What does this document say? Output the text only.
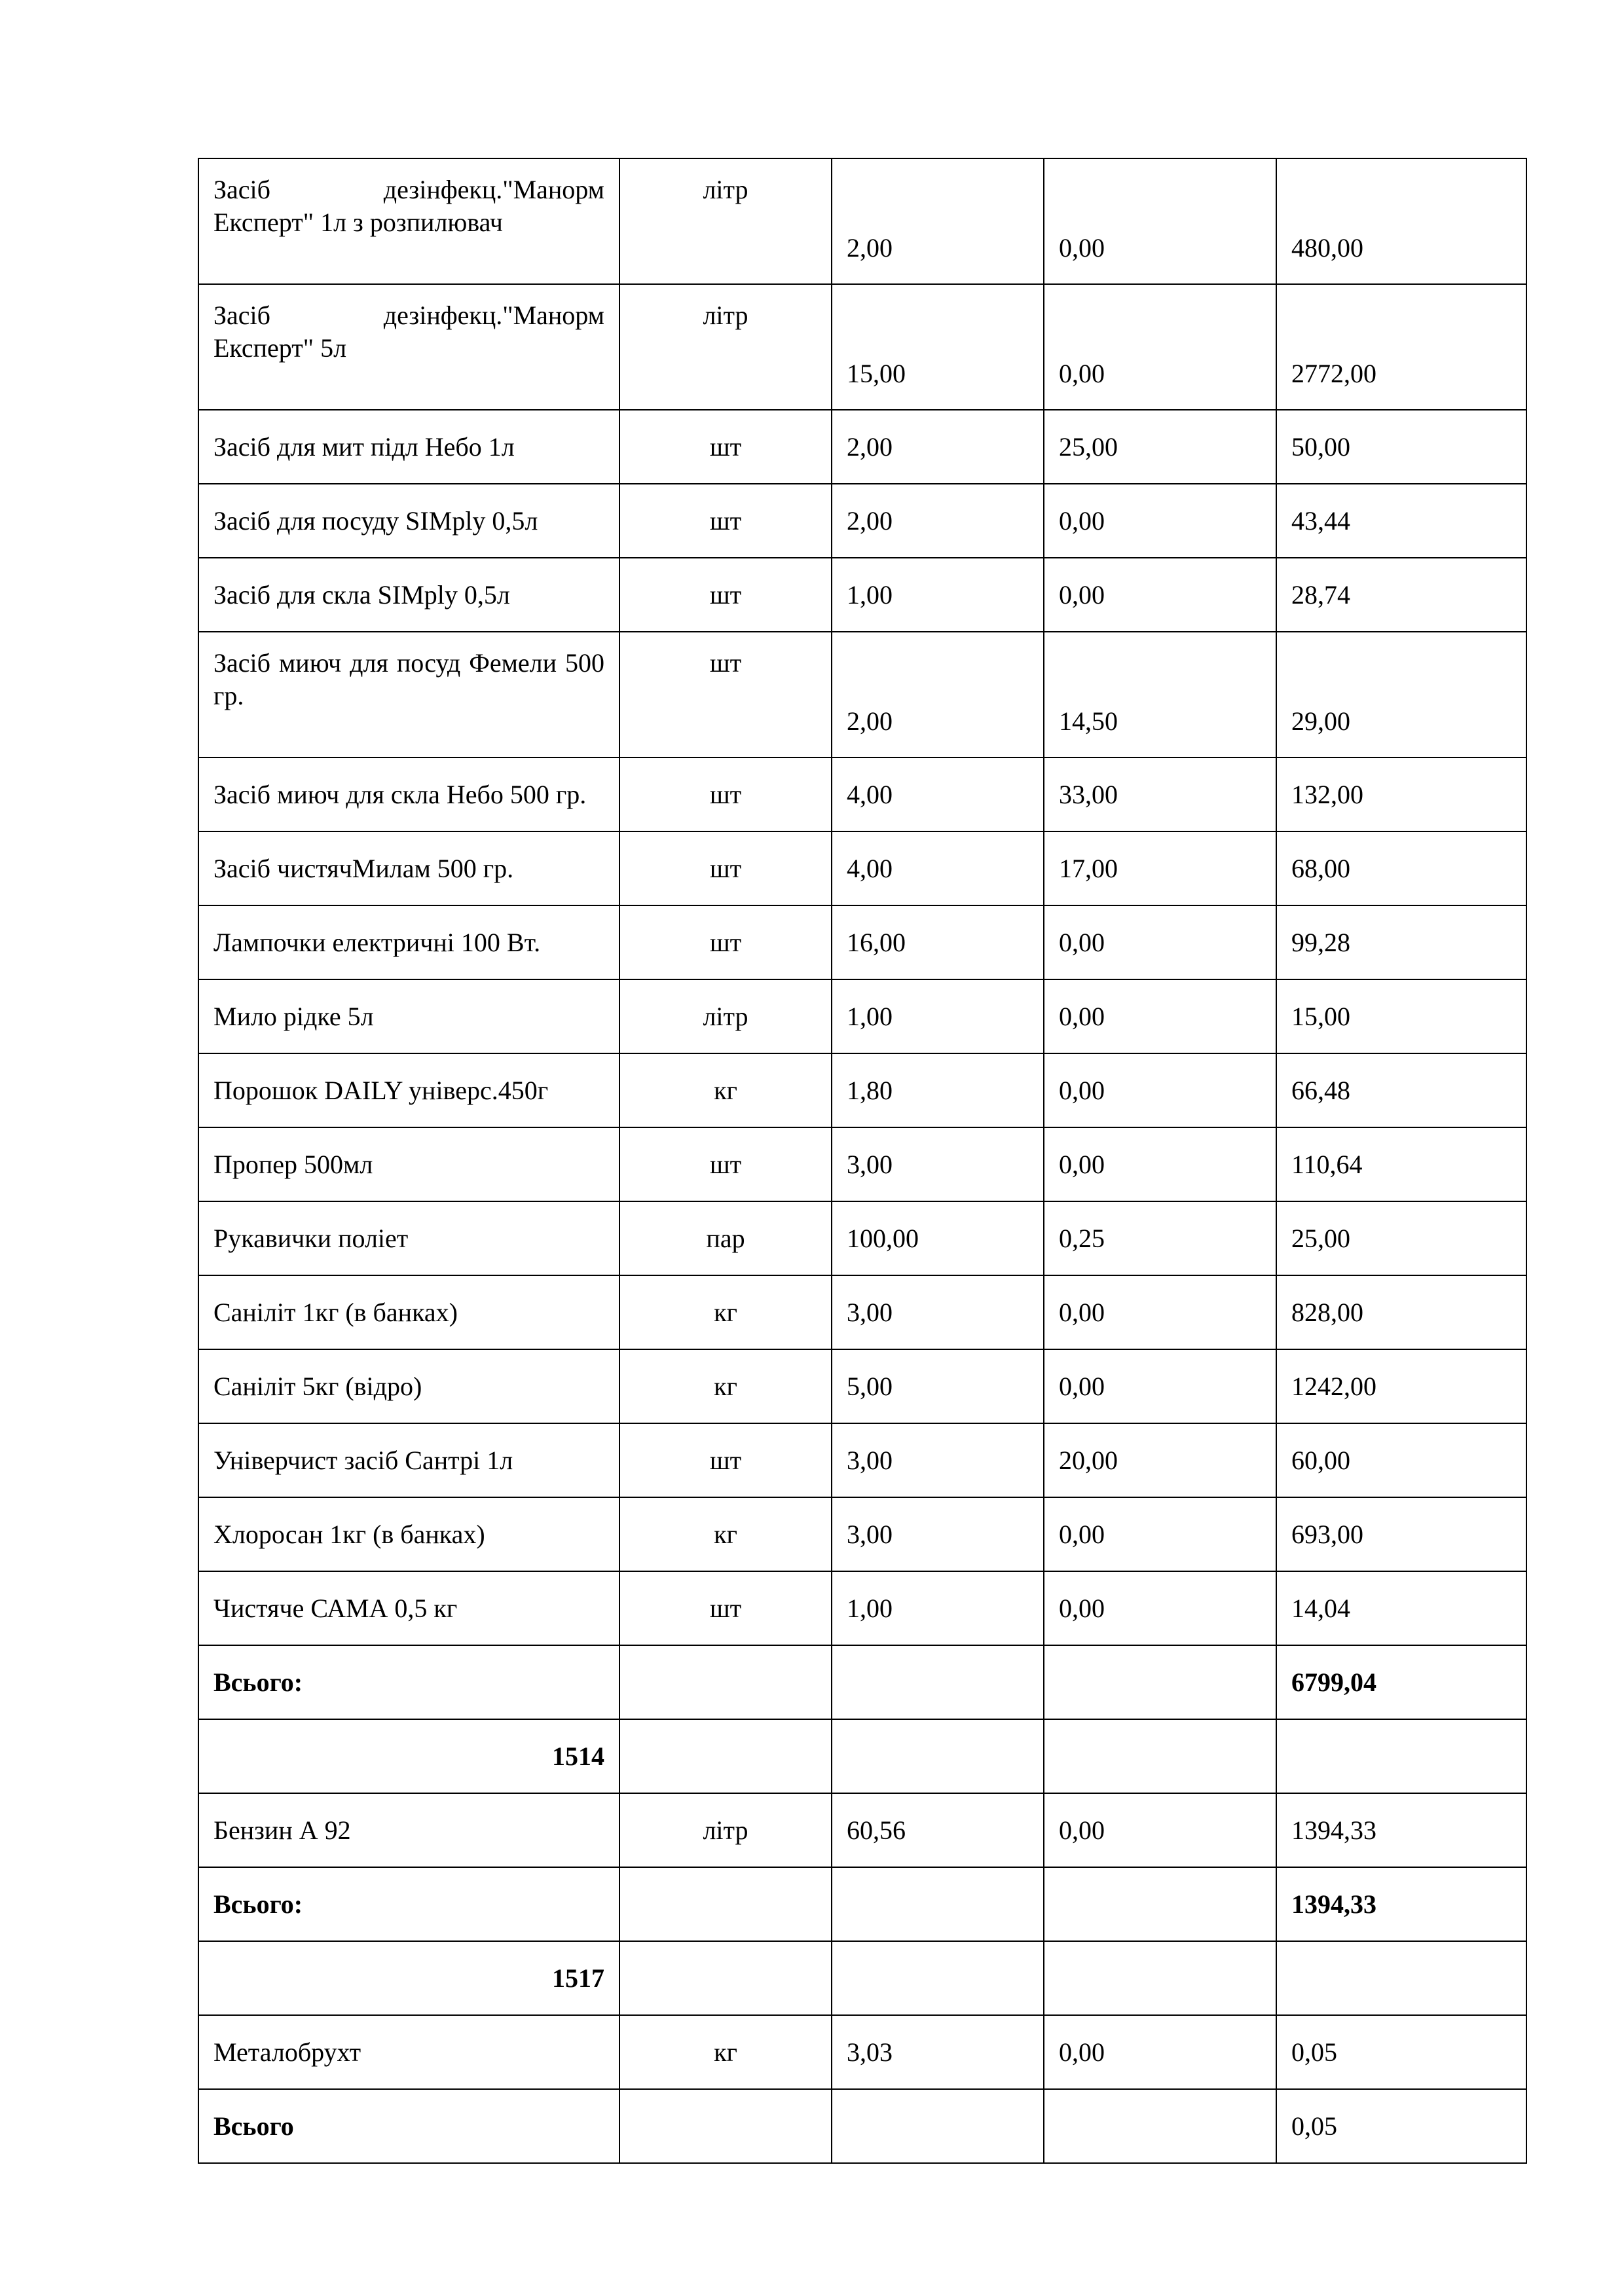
Засіб дезінфекц."Манорм Експерт" 1л з розпилювач	літр	2,00	0,00	480,00
Засіб дезінфекц."Манорм Експерт" 5л	літр	15,00	0,00	2772,00
Засіб для мит підл Небо 1л	шт	2,00	25,00	50,00
Засіб для посуду SIMply 0,5л	шт	2,00	0,00	43,44
Засіб для скла SIMply 0,5л	шт	1,00	0,00	28,74
Засіб миюч для посуд Фемели 500 гр.	шт	2,00	14,50	29,00
Засіб миюч для скла Небо 500 гр.	шт	4,00	33,00	132,00
Засіб чистячМилам 500 гр.	шт	4,00	17,00	68,00
Лампочки електричні 100 Вт.	шт	16,00	0,00	99,28
Мило рідке 5л	літр	1,00	0,00	15,00
Порошок DAILY універс.450г	кг	1,80	0,00	66,48
Пропер 500мл	шт	3,00	0,00	110,64
Рукавички поліет	пар	100,00	0,25	25,00
Саніліт 1кг (в банках)	кг	3,00	0,00	828,00
Саніліт 5кг (відро)	кг	5,00	0,00	1242,00
Універчист засіб Сантрі 1л	шт	3,00	20,00	60,00
Хлоросан 1кг (в банках)	кг	3,00	0,00	693,00
Чистяче САМА 0,5 кг	шт	1,00	0,00	14,04
Всього:				6799,04
1514				
Бензин А 92	літр	60,56	0,00	1394,33
Всього:				1394,33
1517				
Металобрухт	кг	3,03	0,00	0,05
Всього				0,05
